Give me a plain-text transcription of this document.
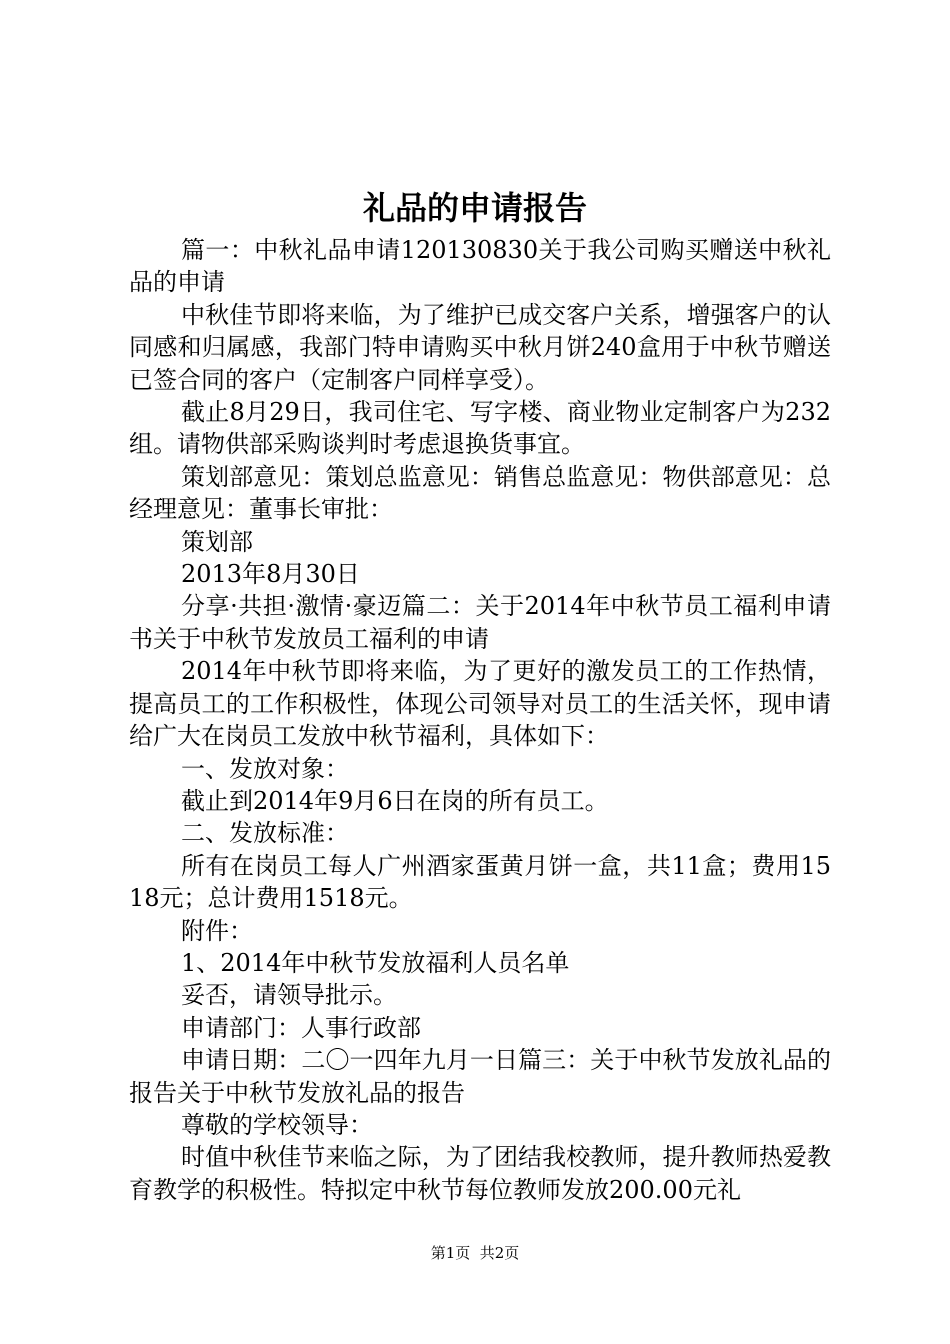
礼品的申请报告

篇一：中秋礼品申请120130830关于我公司购买赠送中秋礼品的申请

中秋佳节即将来临，为了维护已成交客户关系，增强客户的认同感和归属感，我部门特申请购买中秋月饼240盒用于中秋节赠送已签合同的客户（定制客户同样享受）。

截止8月29日，我司住宅、写字楼、商业物业定制客户为232组。请物供部采购谈判时考虑退换货事宜。

策划部意见：策划总监意见：销售总监意见：物供部意见：总经理意见：董事长审批：

策划部

2013年8月30日

分享·共担·激情·豪迈篇二：关于2014年中秋节员工福利申请书关于中秋节发放员工福利的申请

2014年中秋节即将来临，为了更好的激发员工的工作热情，提高员工的工作积极性，体现公司领导对员工的生活关怀，现申请给广大在岗员工发放中秋节福利，具体如下：

一、发放对象：

截止到2014年9月6日在岗的所有员工。

二、发放标准：

所有在岗员工每人广州酒家蛋黄月饼一盒，共11盒；费用1518元；总计费用1518元。

附件：

1、2014年中秋节发放福利人员名单

妥否，请领导批示。

申请部门：人事行政部

申请日期：二〇一四年九月一日篇三：关于中秋节发放礼品的报告关于中秋节发放礼品的报告

尊敬的学校领导：

时值中秋佳节来临之际，为了团结我校教师，提升教师热爱教育教学的积极性。特拟定中秋节每位教师发放200.00元礼

第1页  共2页
